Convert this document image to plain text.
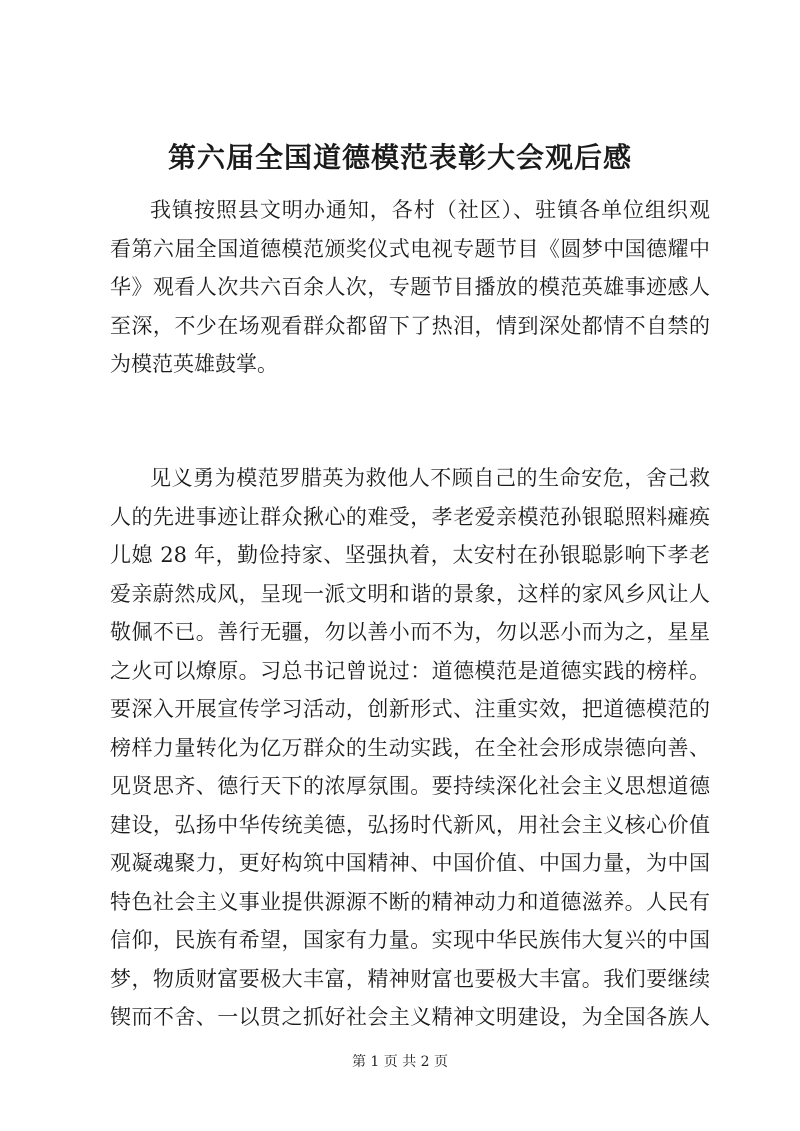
第六届全国道德模范表彰大会观后感
我镇按照县文明办通知，各村（社区）、驻镇各单位组织观
看第六届全国道德模范颁奖仪式电视专题节目《圆梦中国德耀中
华》观看人次共六百余人次，专题节目播放的模范英雄事迹感人
至深，不少在场观看群众都留下了热泪，情到深处都情不自禁的
为模范英雄鼓掌。
见义勇为模范罗腊英为救他人不顾自己的生命安危，舍己救
人的先进事迹让群众揪心的难受，孝老爱亲模范孙银聪照料瘫痪
儿媳 28 年，勤俭持家、坚强执着，太安村在孙银聪影响下孝老
爱亲蔚然成风，呈现一派文明和谐的景象，这样的家风乡风让人
敬佩不已。善行无疆，勿以善小而不为，勿以恶小而为之，星星
之火可以燎原。习总书记曾说过：道德模范是道德实践的榜样。
要深入开展宣传学习活动，创新形式、注重实效，把道德模范的
榜样力量转化为亿万群众的生动实践，在全社会形成崇德向善、
见贤思齐、德行天下的浓厚氛围。要持续深化社会主义思想道德
建设，弘扬中华传统美德，弘扬时代新风，用社会主义核心价值
观凝魂聚力，更好构筑中国精神、中国价值、中国力量，为中国
特色社会主义事业提供源源不断的精神动力和道德滋养。人民有
信仰，民族有希望，国家有力量。实现中华民族伟大复兴的中国
梦，物质财富要极大丰富，精神财富也要极大丰富。我们要继续
锲而不舍、一以贯之抓好社会主义精神文明建设，为全国各族人
第 1 页 共 2 页
